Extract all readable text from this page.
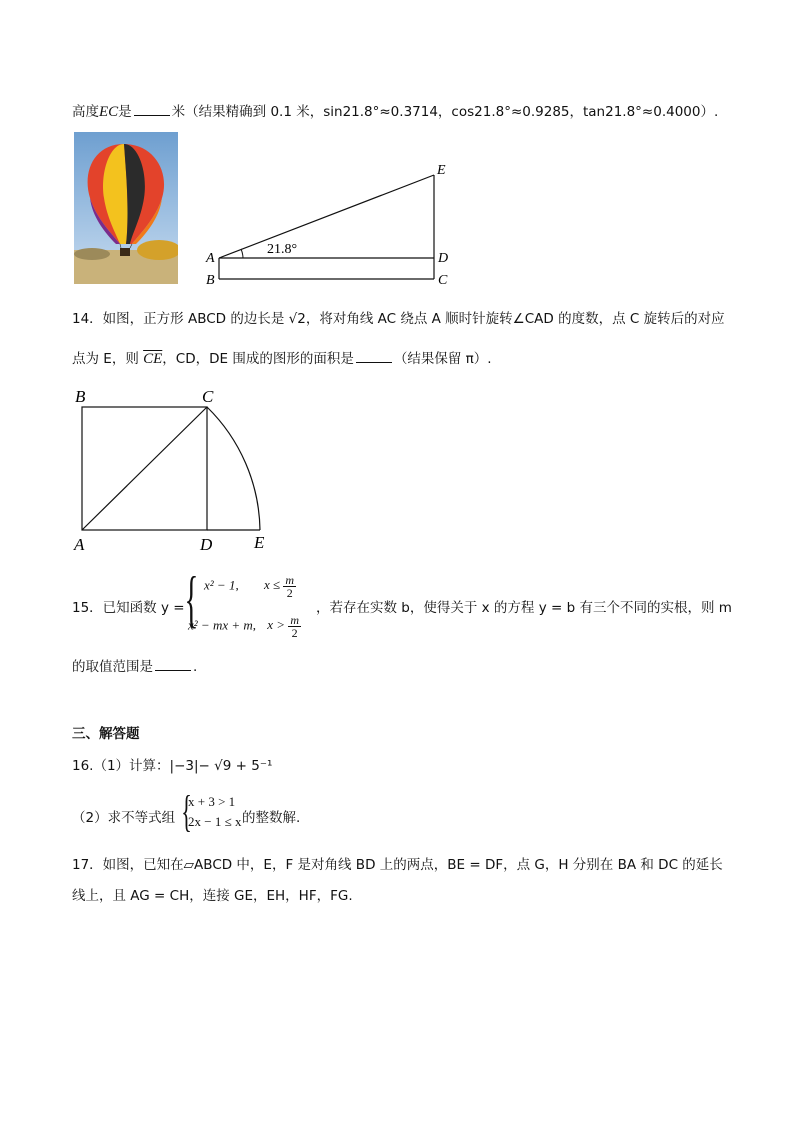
高度EC是	米（结果精确到 0.1 米，sin21.8°≈0.3714，cos21.8°≈0.9285，tan21.8°≈0.4000）.
21.8°
A
B
D
C
E
14．如图，正方形 ABCD 的边长是 √2，将对角线 AC 绕点 A 顺时针旋转∠CAD 的度数，点 C 旋转后的对应
点为 E，则 $\overline{CE}$，CD，DE 围成的图形的面积是	（结果保留 π）.
B	C
A	D E
15．已知函数 y = { x² − 1, $x \le \frac{m}{2}$
x² − mx + m, $x > \frac{m}{2}$
，若存在实数 b，使得关于 x 的方程 y = b 有三个不同的实根，则 m
的取值范围是	.
三、解答题
16.（1）计算：|−3|− √9 + 5⁻¹
（2）求不等式组 {
x + 3 > 1
2x − 1 ≤ x 的整数解.
17．如图，已知在▱ABCD 中，E，F 是对角线 BD 上的两点，BE = DF，点 G，H 分别在 BA 和 DC 的延长
线上，且 AG = CH，连接 GE，EH，HF，FG.
